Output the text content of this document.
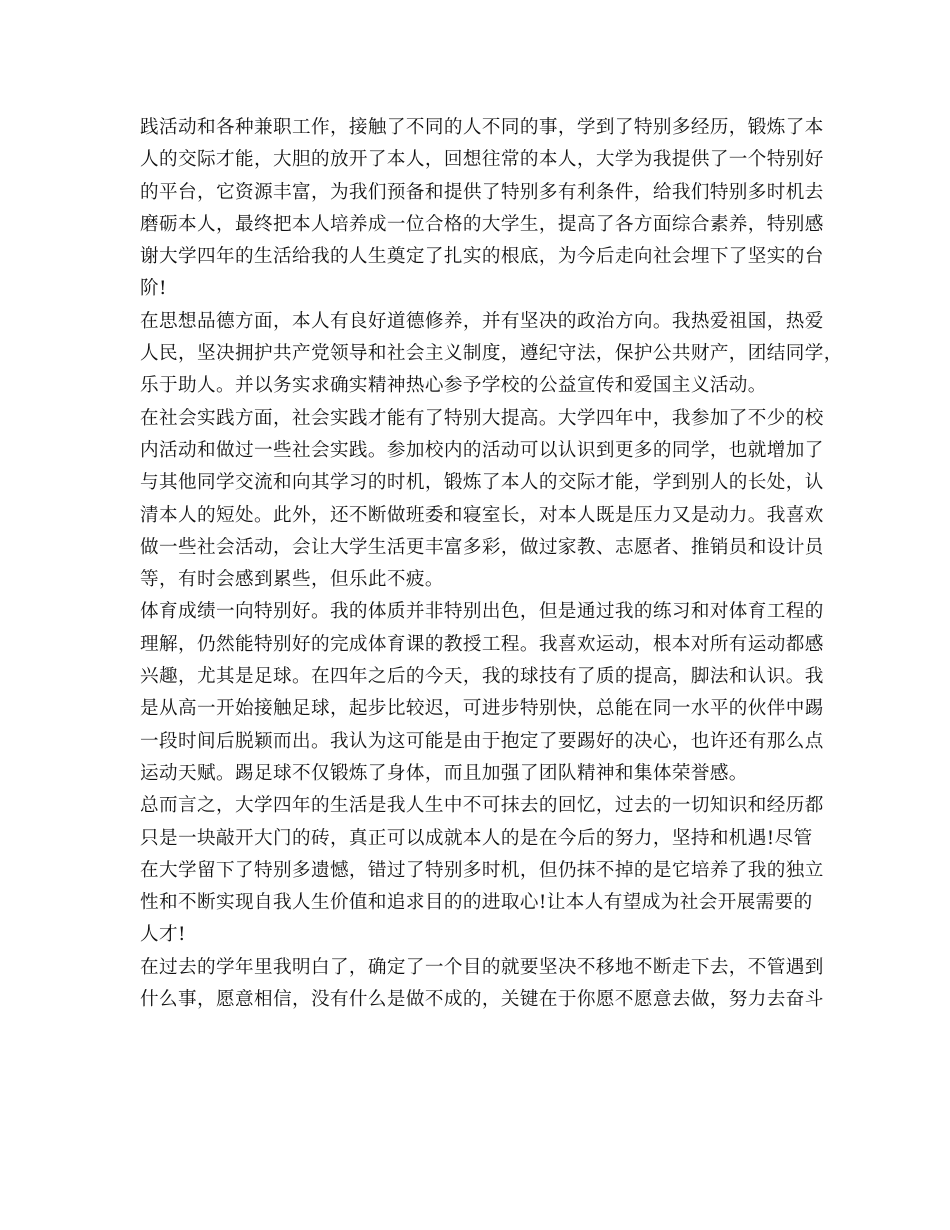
践活动和各种兼职工作，接触了不同的人不同的事，学到了特别多经历，锻炼了本
人的交际才能，大胆的放开了本人，回想往常的本人，大学为我提供了一个特别好
的平台，它资源丰富，为我们预备和提供了特别多有利条件，给我们特别多时机去
磨砺本人，最终把本人培养成一位合格的大学生，提高了各方面综合素养，特别感
谢大学四年的生活给我的人生奠定了扎实的根底，为今后走向社会埋下了坚实的台
阶!
在思想品德方面，本人有良好道德修养，并有坚决的政治方向。我热爱祖国，热爱
人民，坚决拥护共产党领导和社会主义制度，遵纪守法，保护公共财产，团结同学，
乐于助人。并以务实求确实精神热心参予学校的公益宣传和爱国主义活动。
在社会实践方面，社会实践才能有了特别大提高。大学四年中，我参加了不少的校
内活动和做过一些社会实践。参加校内的活动可以认识到更多的同学，也就增加了
与其他同学交流和向其学习的时机，锻炼了本人的交际才能，学到别人的长处，认
清本人的短处。此外，还不断做班委和寝室长，对本人既是压力又是动力。我喜欢
做一些社会活动，会让大学生活更丰富多彩，做过家教、志愿者、推销员和设计员
等，有时会感到累些，但乐此不疲。
体育成绩一向特别好。我的体质并非特别出色，但是通过我的练习和对体育工程的
理解，仍然能特别好的完成体育课的教授工程。我喜欢运动，根本对所有运动都感
兴趣，尤其是足球。在四年之后的今天，我的球技有了质的提高，脚法和认识。我
是从高一开始接触足球，起步比较迟，可进步特别快，总能在同一水平的伙伴中踢
一段时间后脱颖而出。我认为这可能是由于抱定了要踢好的决心，也许还有那么点
运动天赋。踢足球不仅锻炼了身体，而且加强了团队精神和集体荣誉感。
总而言之，大学四年的生活是我人生中不可抹去的回忆，过去的一切知识和经历都
只是一块敲开大门的砖，真正可以成就本人的是在今后的努力，坚持和机遇!尽管
在大学留下了特别多遗憾，错过了特别多时机，但仍抹不掉的是它培养了我的独立
性和不断实现自我人生价值和追求目的的进取心!让本人有望成为社会开展需要的
人才!
在过去的学年里我明白了，确定了一个目的就要坚决不移地不断走下去，不管遇到
什么事，愿意相信，没有什么是做不成的，关键在于你愿不愿意去做，努力去奋斗
